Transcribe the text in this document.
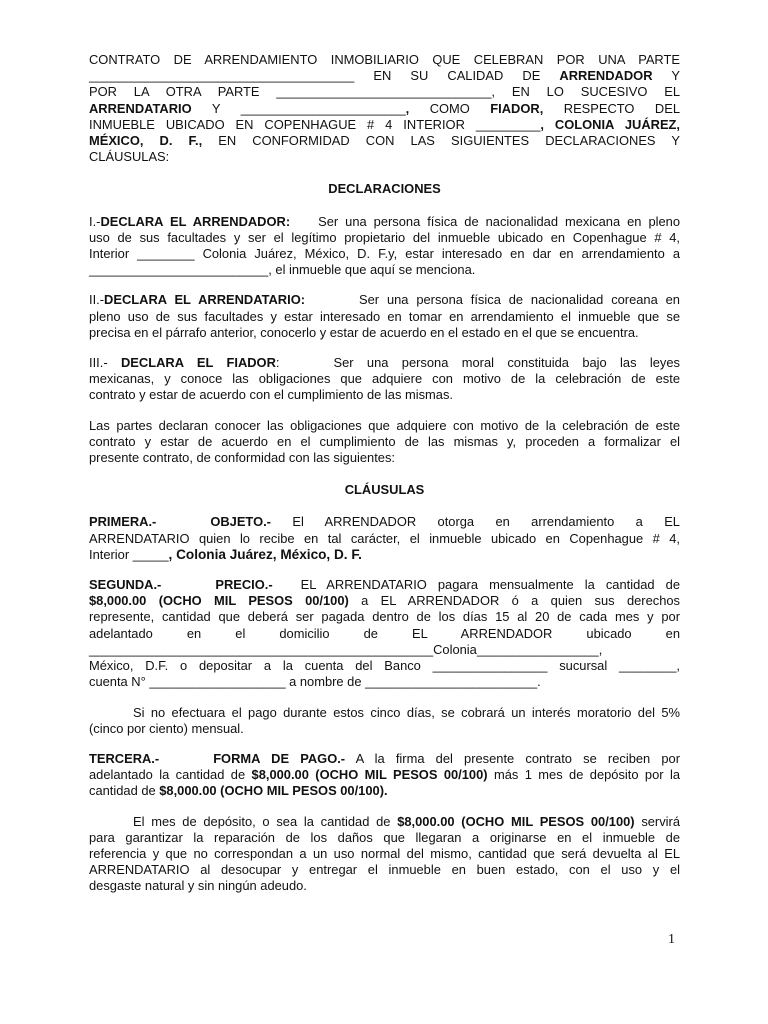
CONTRATO DE ARRENDAMIENTO INMOBILIARIO QUE CELEBRAN POR UNA PARTE

_____________________________________ EN SU CALIDAD DE ARRENDADOR Y

POR LA OTRA PARTE ______________________________, EN LO SUCESIVO EL

ARRENDATARIO Y _______________________, COMO FIADOR, RESPECTO DEL

INMUEBLE UBICADO EN COPENHAGUE # 4 INTERIOR _________, COLONIA JUÁREZ,

MÉXICO, D. F., EN CONFORMIDAD CON LAS SIGUIENTES DECLARACIONES Y

CLÁUSULAS:

DECLARACIONES

I.-DECLARA EL ARRENDADOR: Ser una persona física de nacionalidad mexicana en pleno

uso de sus facultades y ser el legítimo propietario del inmueble ubicado en Copenhague # 4,

Interior ________ Colonia Juárez, México, D. F.y, estar interesado en dar en arrendamiento a

_________________________, el inmueble que aquí se menciona.

II.-DECLARA EL ARRENDATARIO:	Ser una persona física de nacionalidad coreana en

pleno uso de sus facultades y estar interesado en tomar en arrendamiento el inmueble que se

precisa en el párrafo anterior, conocerlo y estar de acuerdo en el estado en el que se encuentra.

III.- DECLARA EL FIADOR:	Ser una persona moral constituida bajo las leyes

mexicanas, y conoce las obligaciones que adquiere con motivo de la celebración de este

contrato y estar de acuerdo con el cumplimiento de las mismas.

Las partes declaran conocer las obligaciones que adquiere con motivo de la celebración de este

contrato y estar de acuerdo en el cumplimiento de las mismas y, proceden a formalizar el

presente contrato, de conformidad con las siguientes:

CLÁUSULAS

PRIMERA.-	OBJETO.- El ARRENDADOR otorga en arrendamiento a EL

ARRENDATARIO quien lo recibe en tal carácter, el inmueble ubicado en Copenhague # 4,

Interior _____, Colonia Juárez, México, D. F.

SEGUNDA.-	PRECIO.- EL ARRENDATARIO pagara mensualmente la cantidad de

$8,000.00 (OCHO MIL PESOS 00/100) a EL ARRENDADOR ó a quien sus derechos

represente, cantidad que deberá ser pagada dentro de los días 15 al 20 de cada mes y por

adelantado en el domicilio de EL ARRENDADOR ubicado en

________________________________________________Colonia_________________,

México, D.F. o depositar a la cuenta del Banco ________________ sucursal ________,

cuenta N° ___________________ a nombre de ________________________.

Si no efectuara el pago durante estos cinco días, se cobrará un interés moratorio del 5%

(cinco por ciento) mensual.

TERCERA.-	FORMA DE PAGO.- A la firma del presente contrato se reciben por

adelantado la cantidad de $8,000.00 (OCHO MIL PESOS 00/100) más 1 mes de depósito por la

cantidad de $8,000.00 (OCHO MIL PESOS 00/100).

El mes de depósito, o sea la cantidad de $8,000.00 (OCHO MIL PESOS 00/100) servirá

para garantizar la reparación de los daños que llegaran a originarse en el inmueble de

referencia y que no correspondan a un uso normal del mismo, cantidad que será devuelta al EL

ARRENDATARIO al desocupar y entregar el inmueble en buen estado, con el uso y el

desgaste natural y sin ningún adeudo.

1
